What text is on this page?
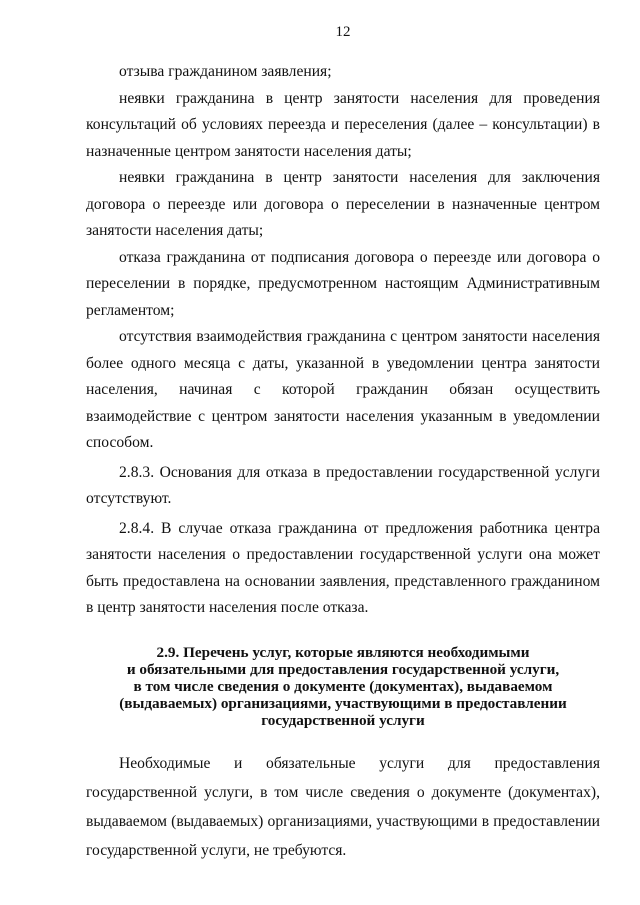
12

отзыва гражданином заявления;

неявки гражданина в центр занятости населения для проведения консультаций об условиях переезда и переселения (далее – консультации) в назначенные центром занятости населения даты;

неявки гражданина в центр занятости населения для заключения договора о переезде или договора о переселении в назначенные центром занятости населения даты;

отказа гражданина от подписания договора о переезде или договора о переселении в порядке, предусмотренном настоящим Административным регламентом;

отсутствия взаимодействия гражданина с центром занятости населения более одного месяца с даты, указанной в уведомлении центра занятости населения, начиная с которой гражданин обязан осуществить взаимодействие с центром занятости населения указанным в уведомлении способом.

2.8.3. Основания для отказа в предоставлении государственной услуги отсутствуют.

2.8.4. В случае отказа гражданина от предложения работника центра занятости населения о предоставлении государственной услуги она может быть предоставлена на основании заявления, представленного гражданином в центр занятости населения после отказа.

2.9. Перечень услуг, которые являются необходимыми
и обязательными для предоставления государственной услуги,
в том числе сведения о документе (документах), выдаваемом
(выдаваемых) организациями, участвующими в предоставлении
государственной услуги

Необходимые и обязательные услуги для предоставления государственной услуги, в том числе сведения о документе (документах), выдаваемом (выдаваемых) организациями, участвующими в предоставлении государственной услуги, не требуются.
